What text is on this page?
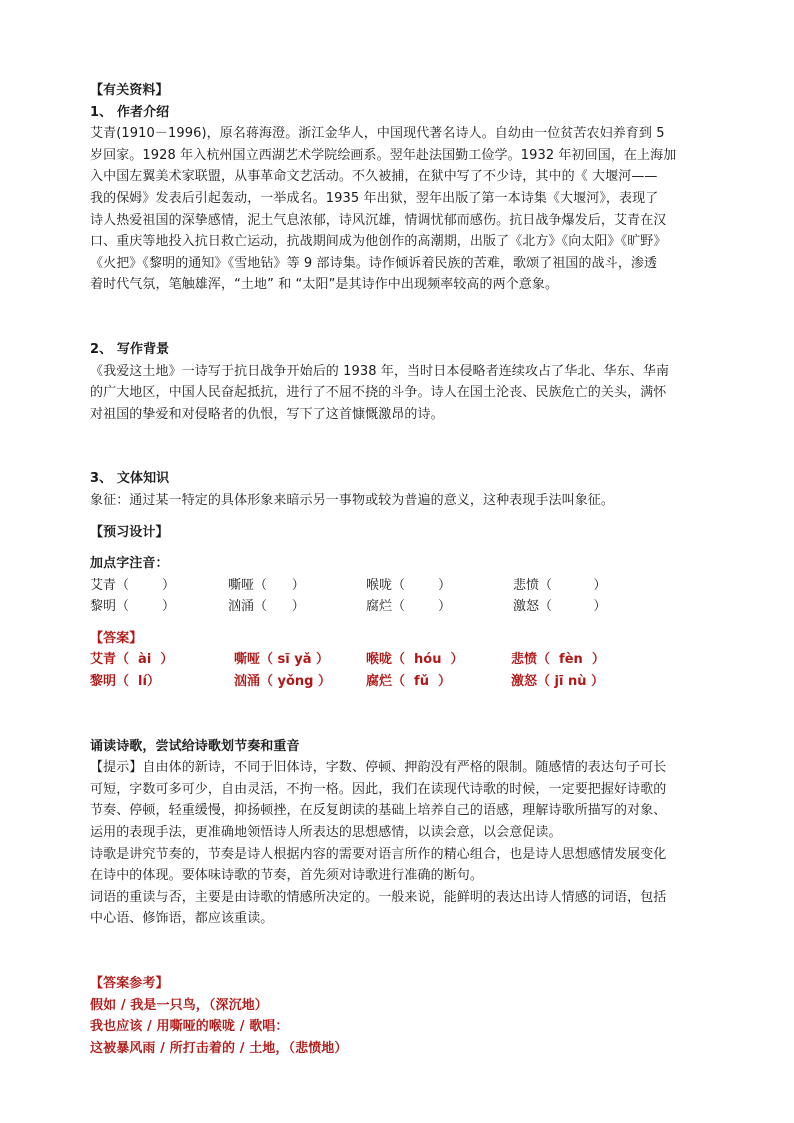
【有关资料】
1、 作者介绍
艾青(1910－1996)，原名蒋海澄。浙江金华人，中国现代著名诗人。自幼由一位贫苦农妇养育到 5
岁回家。1928 年入杭州国立西湖艺术学院绘画系。翌年赴法国勤工俭学。1932 年初回国，在上海加
入中国左翼美术家联盟，从事革命文艺活动。不久被捕，在狱中写了不少诗，其中的《 大堰河——
我的保姆》发表后引起轰动，一举成名。1935 年出狱，翌年出版了第一本诗集《大堰河》，表现了
诗人热爱祖国的深挚感情，泥土气息浓郁，诗风沉雄，情调忧郁而感伤。抗日战争爆发后，艾青在汉
口、重庆等地投入抗日救亡运动，抗战期间成为他创作的高潮期，出版了《北方》《向太阳》《旷野》
《火把》《黎明的通知》《雪地钻》等 9 部诗集。诗作倾诉着民族的苦难，歌颂了祖国的战斗，渗透
着时代气氛，笔触雄浑，“土地” 和 “太阳”是其诗作中出现频率较高的两个意象。
2、 写作背景
《我爱这土地》一诗写于抗日战争开始后的 1938 年，当时日本侵略者连续攻占了华北、华东、华南
的广大地区，中国人民奋起抵抗，进行了不屈不挠的斗争。诗人在国土沦丧、民族危亡的关头，满怀
对祖国的挚爱和对侵略者的仇恨，写下了这首慷慨激昂的诗。
3、 文体知识
象征：通过某一特定的具体形象来暗示另一事物或较为普遍的意义，这种表现手法叫象征。
【预习设计】
加点字注音：
艾青（        ）	嘶哑（      ）	喉咙（        ）	悲愤（          ）
黎明（        ）	汹涌（      ）	腐烂（        ）	激怒（          ）
【答案】
艾青（  ài  ）	嘶哑（ sī yǎ ）	喉咙（  hóu  ）	悲愤（  fèn  ）
黎明（  lí）	汹涌（ yǒng ）	腐烂（  fǔ  ）	激怒（ jī nù ）
诵读诗歌，尝试给诗歌划节奏和重音
【提示】自由体的新诗，不同于旧体诗，字数、停顿、押韵没有严格的限制。随感情的表达句子可长
可短，字数可多可少，自由灵活，不拘一格。因此，我们在读现代诗歌的时候，一定要把握好诗歌的
节奏、停顿，轻重缓慢，抑扬顿挫，在反复朗读的基础上培养自己的语感，理解诗歌所描写的对象、
运用的表现手法，更准确地领悟诗人所表达的思想感情，以读会意，以会意促读。
诗歌是讲究节奏的，节奏是诗人根据内容的需要对语言所作的精心组合，也是诗人思想感情发展变化
在诗中的体现。要体味诗歌的节奏，首先须对诗歌进行准确的断句。
词语的重读与否，主要是由诗歌的情感所决定的。一般来说，能鲜明的表达出诗人情感的词语，包括
中心语、修饰语，都应该重读。
【答案参考】
假如 / 我是一只鸟，（深沉地）
我也应该 / 用嘶哑的喉咙 / 歌唱：
这被暴风雨 / 所打击着的 / 土地，（悲愤地）
